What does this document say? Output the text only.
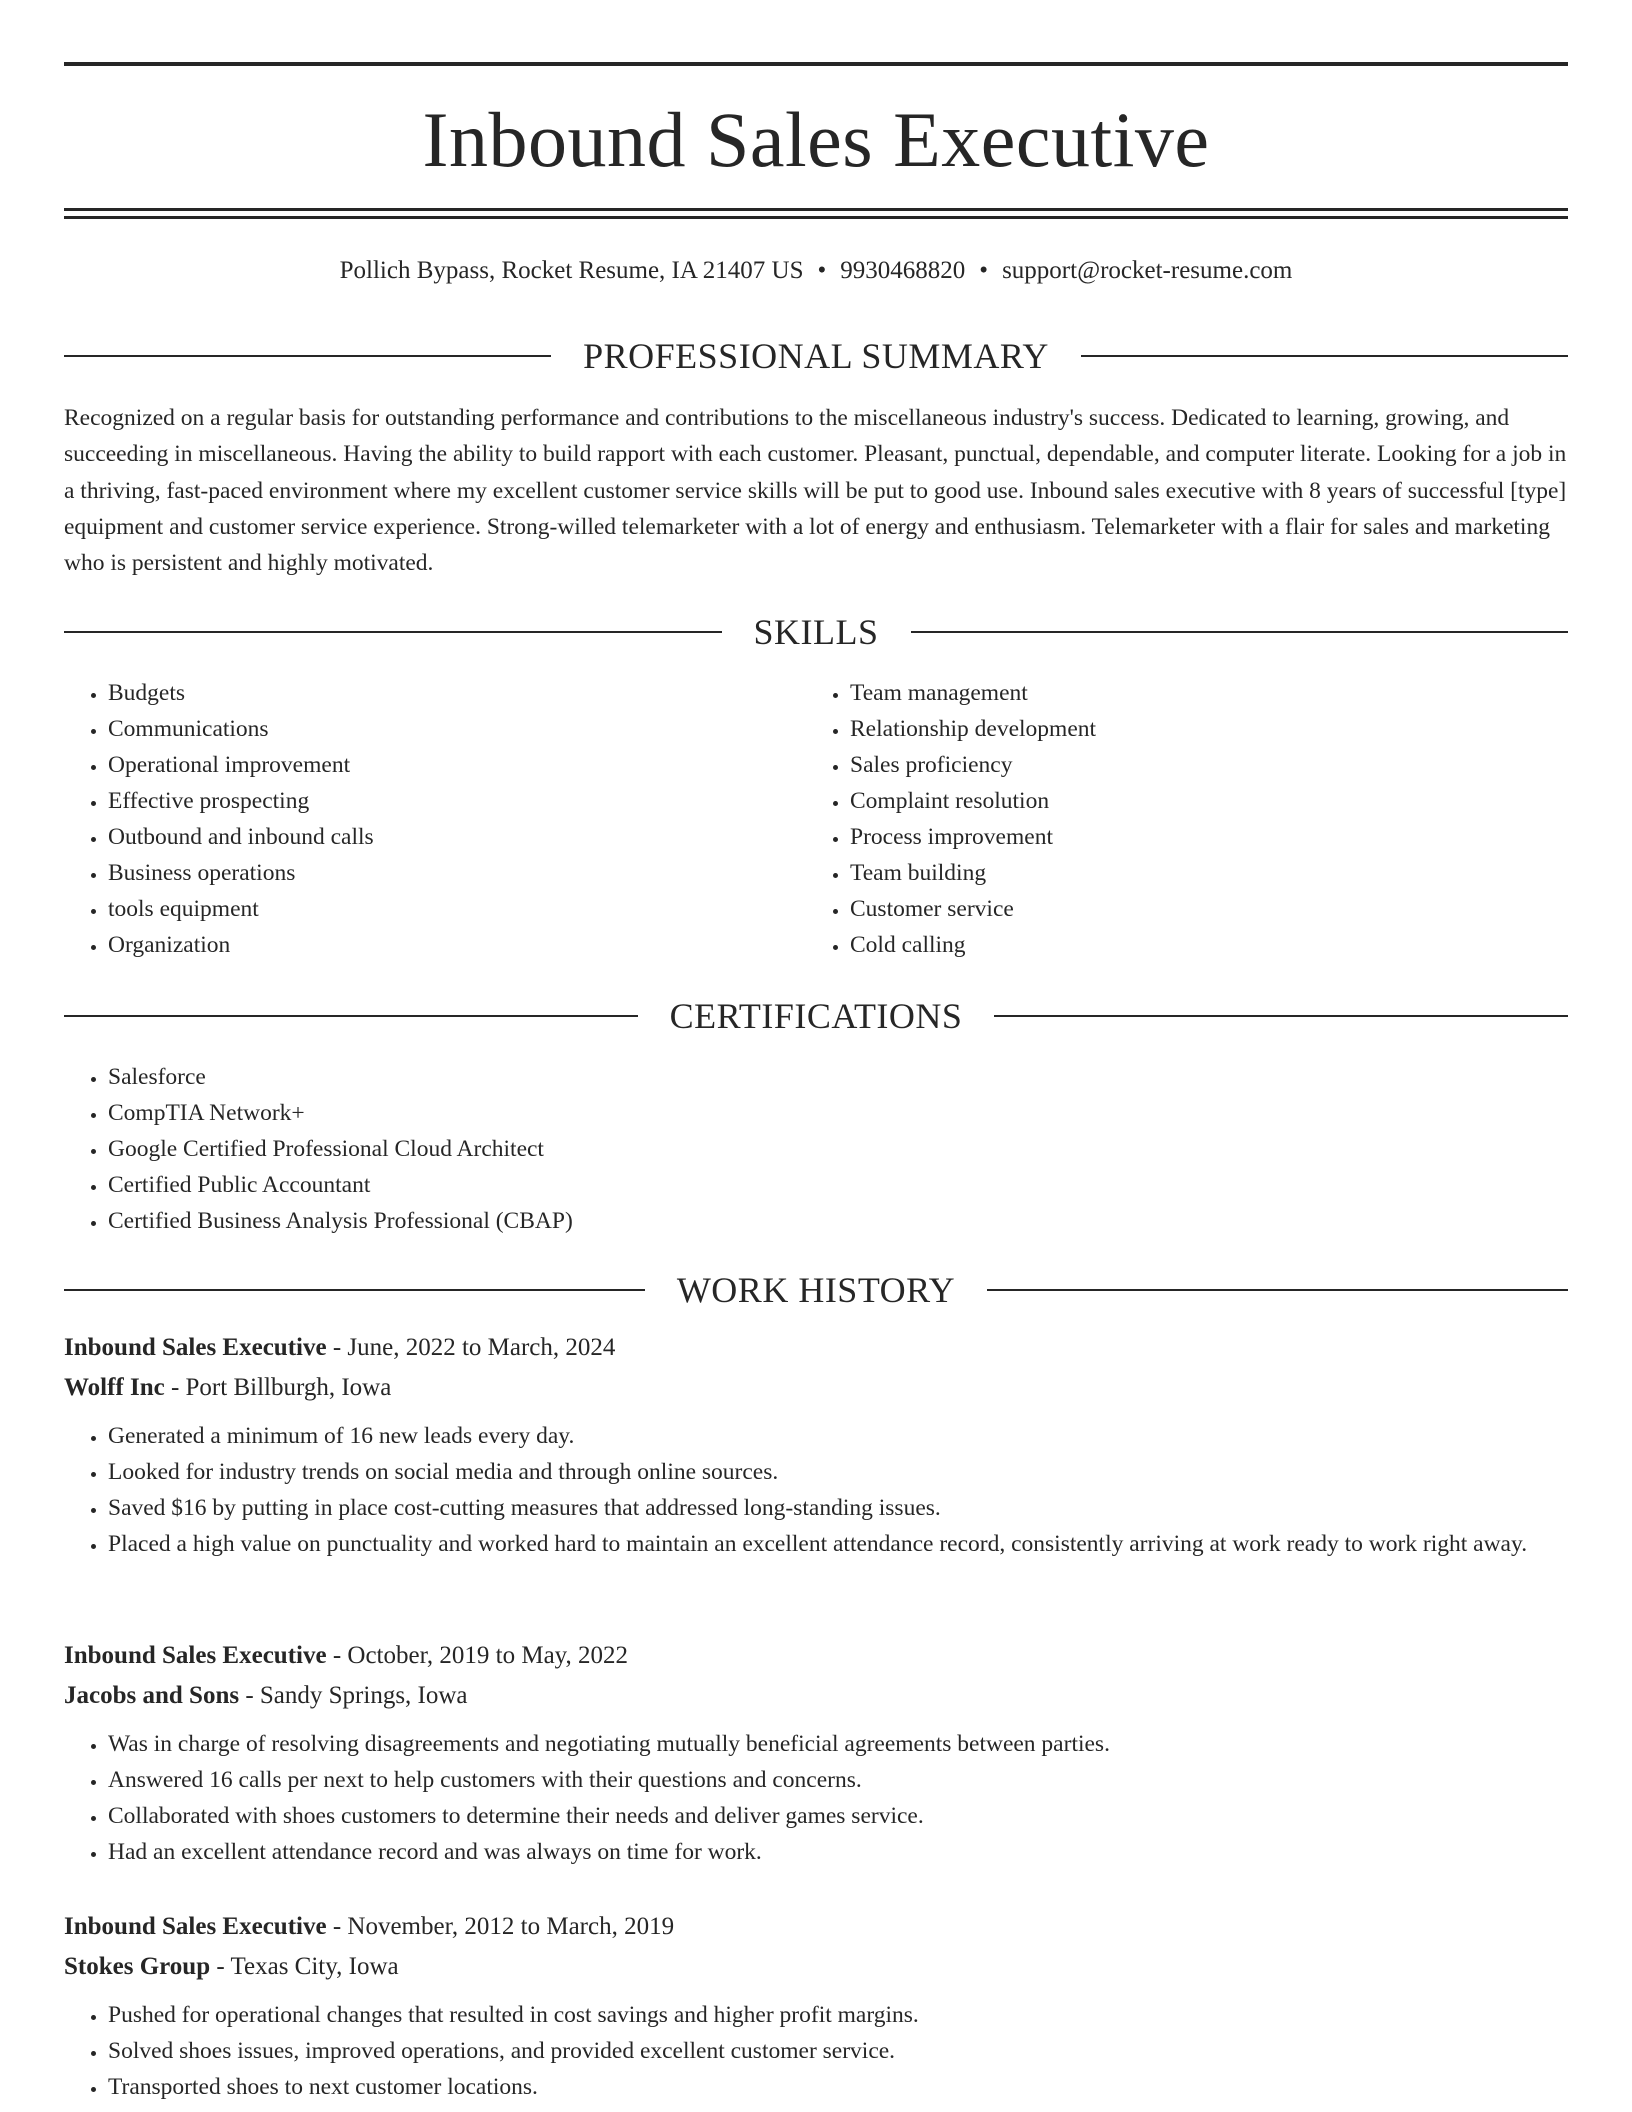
Inbound Sales Executive
Pollich Bypass, Rocket Resume, IA 21407 US • 9930468820 • support@rocket-resume.com
PROFESSIONAL SUMMARY

Recognized on a regular basis for outstanding performance and contributions to the miscellaneous industry's success. Dedicated to learning, growing, and succeeding in miscellaneous. Having the ability to build rapport with each customer. Pleasant, punctual, dependable, and computer literate. Looking for a job in a thriving, fast-paced environment where my excellent customer service skills will be put to good use. Inbound sales executive with 8 years of successful [type] equipment and customer service experience. Strong-willed telemarketer with a lot of energy and enthusiasm. Telemarketer with a flair for sales and marketing who is persistent and highly motivated.

SKILLS
• Budgets
• Communications
• Operational improvement
• Effective prospecting
• Outbound and inbound calls
• Business operations
• tools equipment
• Organization
• Team management
• Relationship development
• Sales proficiency
• Complaint resolution
• Process improvement
• Team building
• Customer service
• Cold calling
CERTIFICATIONS
• Salesforce
• CompTIA Network+
• Google Certified Professional Cloud Architect
• Certified Public Accountant
• Certified Business Analysis Professional (CBAP)
WORK HISTORY
Inbound Sales Executive - June, 2022 to March, 2024
Wolff Inc - Port Billburgh, Iowa
• Generated a minimum of 16 new leads every day.
• Looked for industry trends on social media and through online sources.
• Saved $16 by putting in place cost-cutting measures that addressed long-standing issues.
• Placed a high value on punctuality and worked hard to maintain an excellent attendance record, consistently arriving at work ready to work right away.
Inbound Sales Executive - October, 2019 to May, 2022
Jacobs and Sons - Sandy Springs, Iowa
• Was in charge of resolving disagreements and negotiating mutually beneficial agreements between parties.
• Answered 16 calls per next to help customers with their questions and concerns.
• Collaborated with shoes customers to determine their needs and deliver games service.
• Had an excellent attendance record and was always on time for work.
Inbound Sales Executive - November, 2012 to March, 2019
Stokes Group - Texas City, Iowa
• Pushed for operational changes that resulted in cost savings and higher profit margins.
• Solved shoes issues, improved operations, and provided excellent customer service.
• Transported shoes to next customer locations.
